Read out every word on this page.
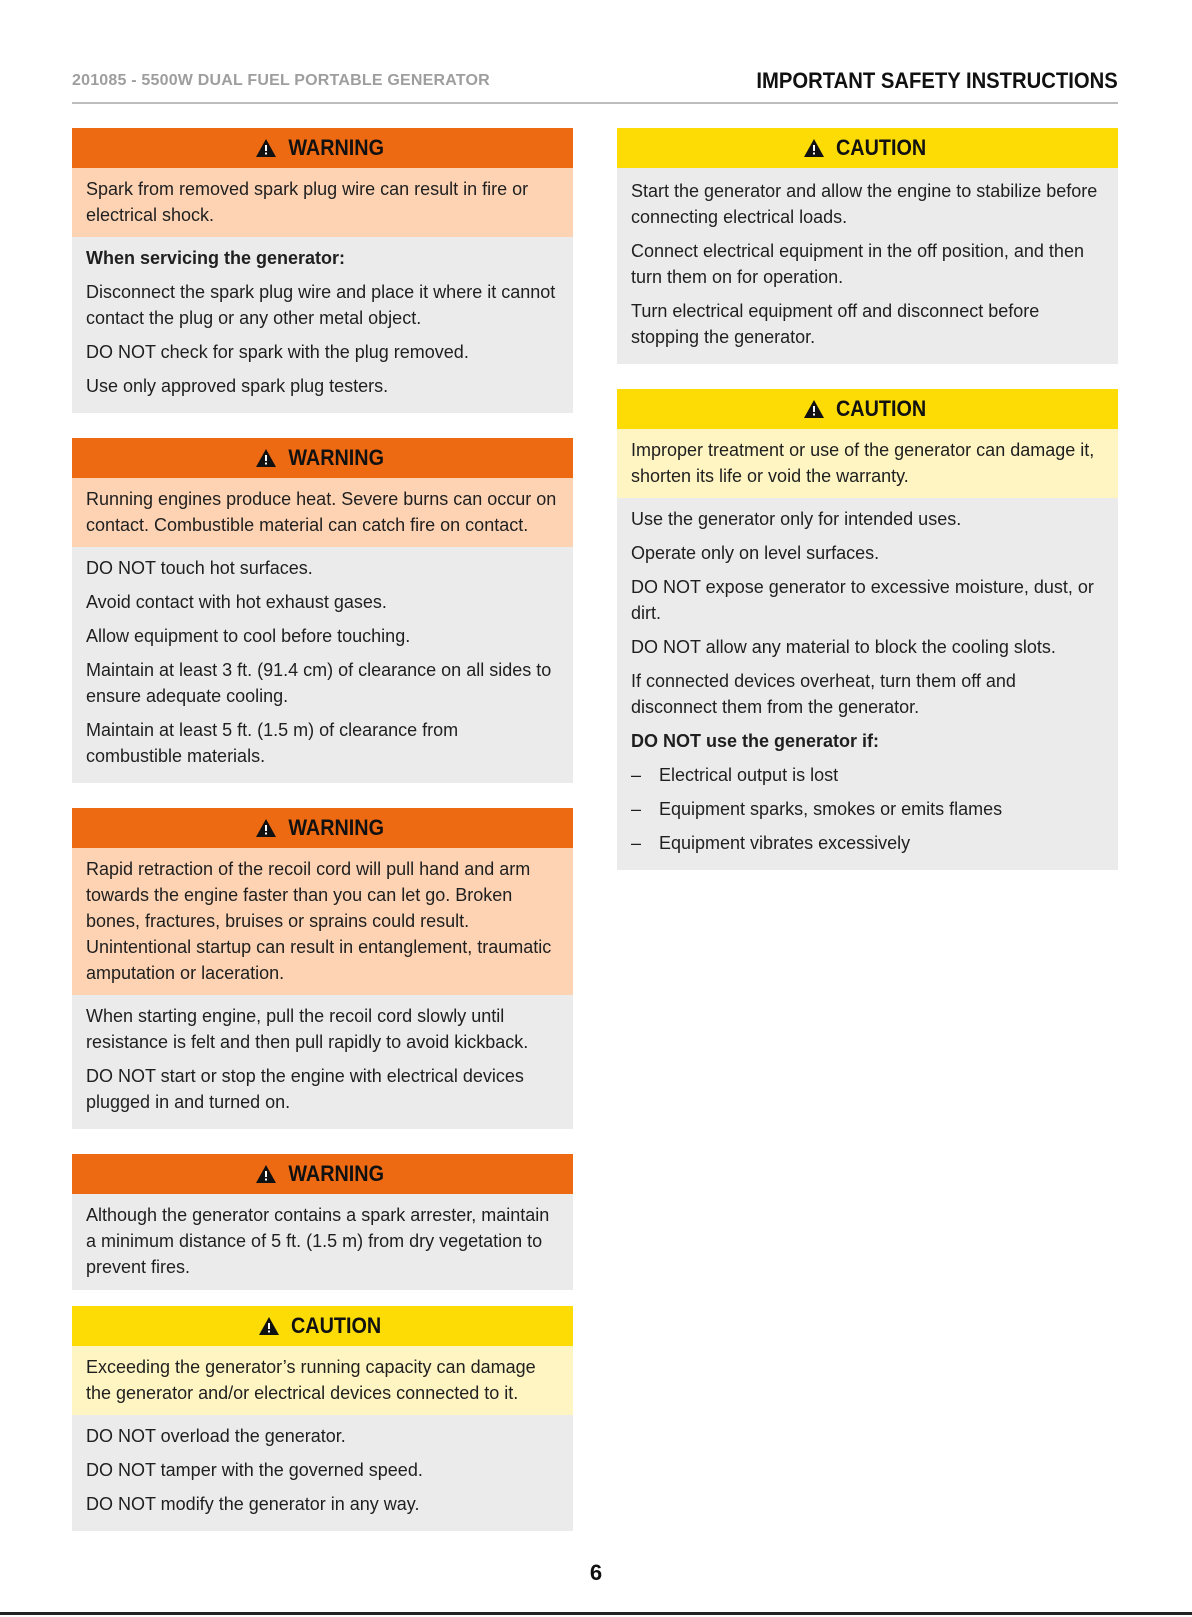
201085 - 5500W DUAL FUEL PORTABLE GENERATOR	IMPORTANT SAFETY INSTRUCTIONS
WARNING
Spark from removed spark plug wire can result in fire or electrical shock.
When servicing the generator:
Disconnect the spark plug wire and place it where it cannot contact the plug or any other metal object.
DO NOT check for spark with the plug removed.
Use only approved spark plug testers.
WARNING
Running engines produce heat. Severe burns can occur on contact. Combustible material can catch fire on contact.
DO NOT touch hot surfaces.
Avoid contact with hot exhaust gases.
Allow equipment to cool before touching.
Maintain at least 3 ft. (91.4 cm) of clearance on all sides to ensure adequate cooling.
Maintain at least 5 ft. (1.5 m) of clearance from combustible materials.
WARNING
Rapid retraction of the recoil cord will pull hand and arm towards the engine faster than you can let go. Broken bones, fractures, bruises or sprains could result. Unintentional startup can result in entanglement, traumatic amputation or laceration.
When starting engine, pull the recoil cord slowly until resistance is felt and then pull rapidly to avoid kickback.
DO NOT start or stop the engine with electrical devices plugged in and turned on.
WARNING
Although the generator contains a spark arrester, maintain a minimum distance of 5 ft. (1.5 m) from dry vegetation to prevent fires.
CAUTION
Exceeding the generator’s running capacity can damage the generator and/or electrical devices connected to it.
DO NOT overload the generator.
DO NOT tamper with the governed speed.
DO NOT modify the generator in any way.
CAUTION
Start the generator and allow the engine to stabilize before connecting electrical loads.
Connect electrical equipment in the off position, and then turn them on for operation.
Turn electrical equipment off and disconnect before stopping the generator.
CAUTION
Improper treatment or use of the generator can damage it, shorten its life or void the warranty.
Use the generator only for intended uses.
Operate only on level surfaces.
DO NOT expose generator to excessive moisture, dust, or dirt.
DO NOT allow any material to block the cooling slots.
If connected devices overheat, turn them off and disconnect them from the generator.
DO NOT use the generator if:
– Electrical output is lost
– Equipment sparks, smokes or emits flames
– Equipment vibrates excessively
6
